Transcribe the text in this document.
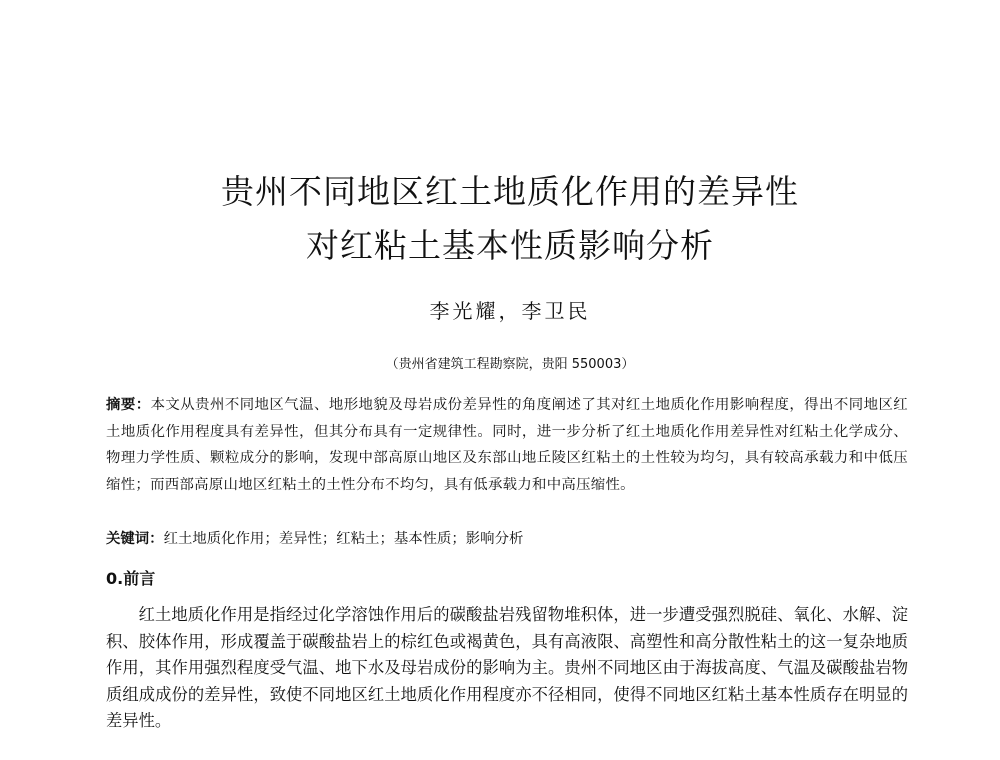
贵州不同地区红土地质化作用的差异性
对红粘土基本性质影响分析
李光耀，李卫民
（贵州省建筑工程勘察院，贵阳 550003）
摘要：本文从贵州不同地区气温、地形地貌及母岩成份差异性的角度阐述了其对红土地质化作用影响程度，得出不同地区红土地质化作用程度具有差异性，但其分布具有一定规律性。同时，进一步分析了红土地质化作用差异性对红粘土化学成分、物理力学性质、颗粒成分的影响，发现中部高原山地区及东部山地丘陵区红粘土的土性较为均匀，具有较高承载力和中低压缩性；而西部高原山地区红粘土的土性分布不均匀，具有低承载力和中高压缩性。
关键词：红土地质化作用；差异性；红粘土；基本性质；影响分析
0.前言
红土地质化作用是指经过化学溶蚀作用后的碳酸盐岩残留物堆积体，进一步遭受强烈脱硅、氧化、水解、淀积、胶体作用，形成覆盖于碳酸盐岩上的棕红色或褐黄色，具有高液限、高塑性和高分散性粘土的这一复杂地质作用，其作用强烈程度受气温、地下水及母岩成份的影响为主。贵州不同地区由于海拔高度、气温及碳酸盐岩物质组成成份的差异性，致使不同地区红土地质化作用程度亦不径相同，使得不同地区红粘土基本性质存在明显的差异性。
